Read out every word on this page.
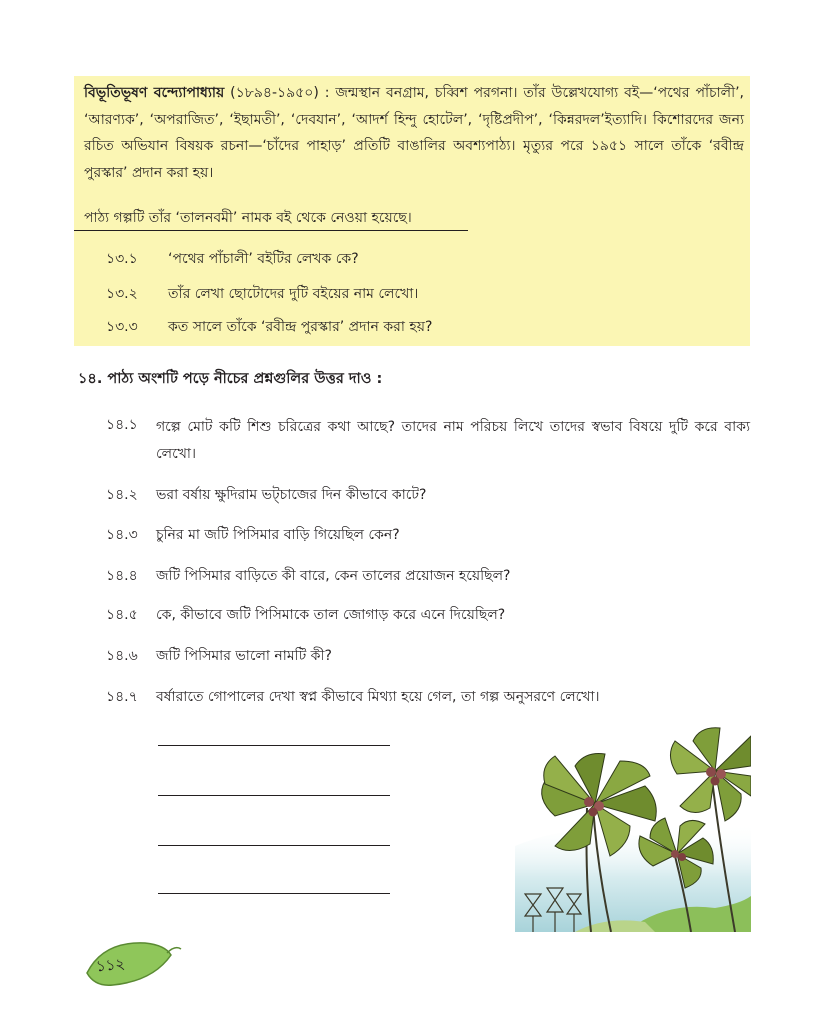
বিভূতিভূষণ বন্দ্যোপাধ্যায় (১৮৯৪-১৯৫০) : জন্মস্থান বনগ্রাম, চব্বিশ পরগনা। তাঁর উল্লেখযোগ্য বই—‘পথের পাঁচালী’, ‘আরণ্যক’, ‘অপরাজিত’, ‘ইছামতী’, ‘দেবযান’, ‘আদর্শ হিন্দু হোটেল’, ‘দৃষ্টিপ্রদীপ’, ‘কিন্নরদল’ইত্যাদি। কিশোরদের জন্য রচিত অভিযান বিষয়ক রচনা—‘চাঁদের পাহাড়’ প্রতিটি বাঙালির অবশ্যপাঠ্য। মৃত্যুর পরে ১৯৫১ সালে তাঁকে ‘রবীন্দ্র পুরস্কার’ প্রদান করা হয়।
পাঠ্য গল্পটি তাঁর ‘তালনবমী’ নামক বই থেকে নেওয়া হয়েছে।
১৩.১ ‘পথের পাঁচালী’ বইটির লেখক কে?
১৩.২ তাঁর লেখা ছোটোদের দুটি বইয়ের নাম লেখো।
১৩.৩ কত সালে তাঁকে ‘রবীন্দ্র পুরস্কার’ প্রদান করা হয়?
১৪. পাঠ্য অংশটি পড়ে নীচের প্রশ্নগুলির উত্তর দাও :
১৪.১ গল্পে মোট কটি শিশু চরিত্রের কথা আছে? তাদের নাম পরিচয় লিখে তাদের স্বভাব বিষয়ে দুটি করে বাক্য লেখো।
১৪.২ ভরা বর্ষায় ক্ষুদিরাম ভট্চাজের দিন কীভাবে কাটে?
১৪.৩ চুনির মা জটি পিসিমার বাড়ি গিয়েছিল কেন?
১৪.৪ জটি পিসিমার বাড়িতে কী বারে, কেন তালের প্রয়োজন হয়েছিল?
১৪.৫ কে, কীভাবে জটি পিসিমাকে তাল জোগাড় করে এনে দিয়েছিল?
১৪.৬ জটি পিসিমার ভালো নামটি কী?
১৪.৭ বর্ষারাতে গোপালের দেখা স্বপ্ন কীভাবে মিথ্যা হয়ে গেল, তা গল্প অনুসরণে লেখো।
১১২
